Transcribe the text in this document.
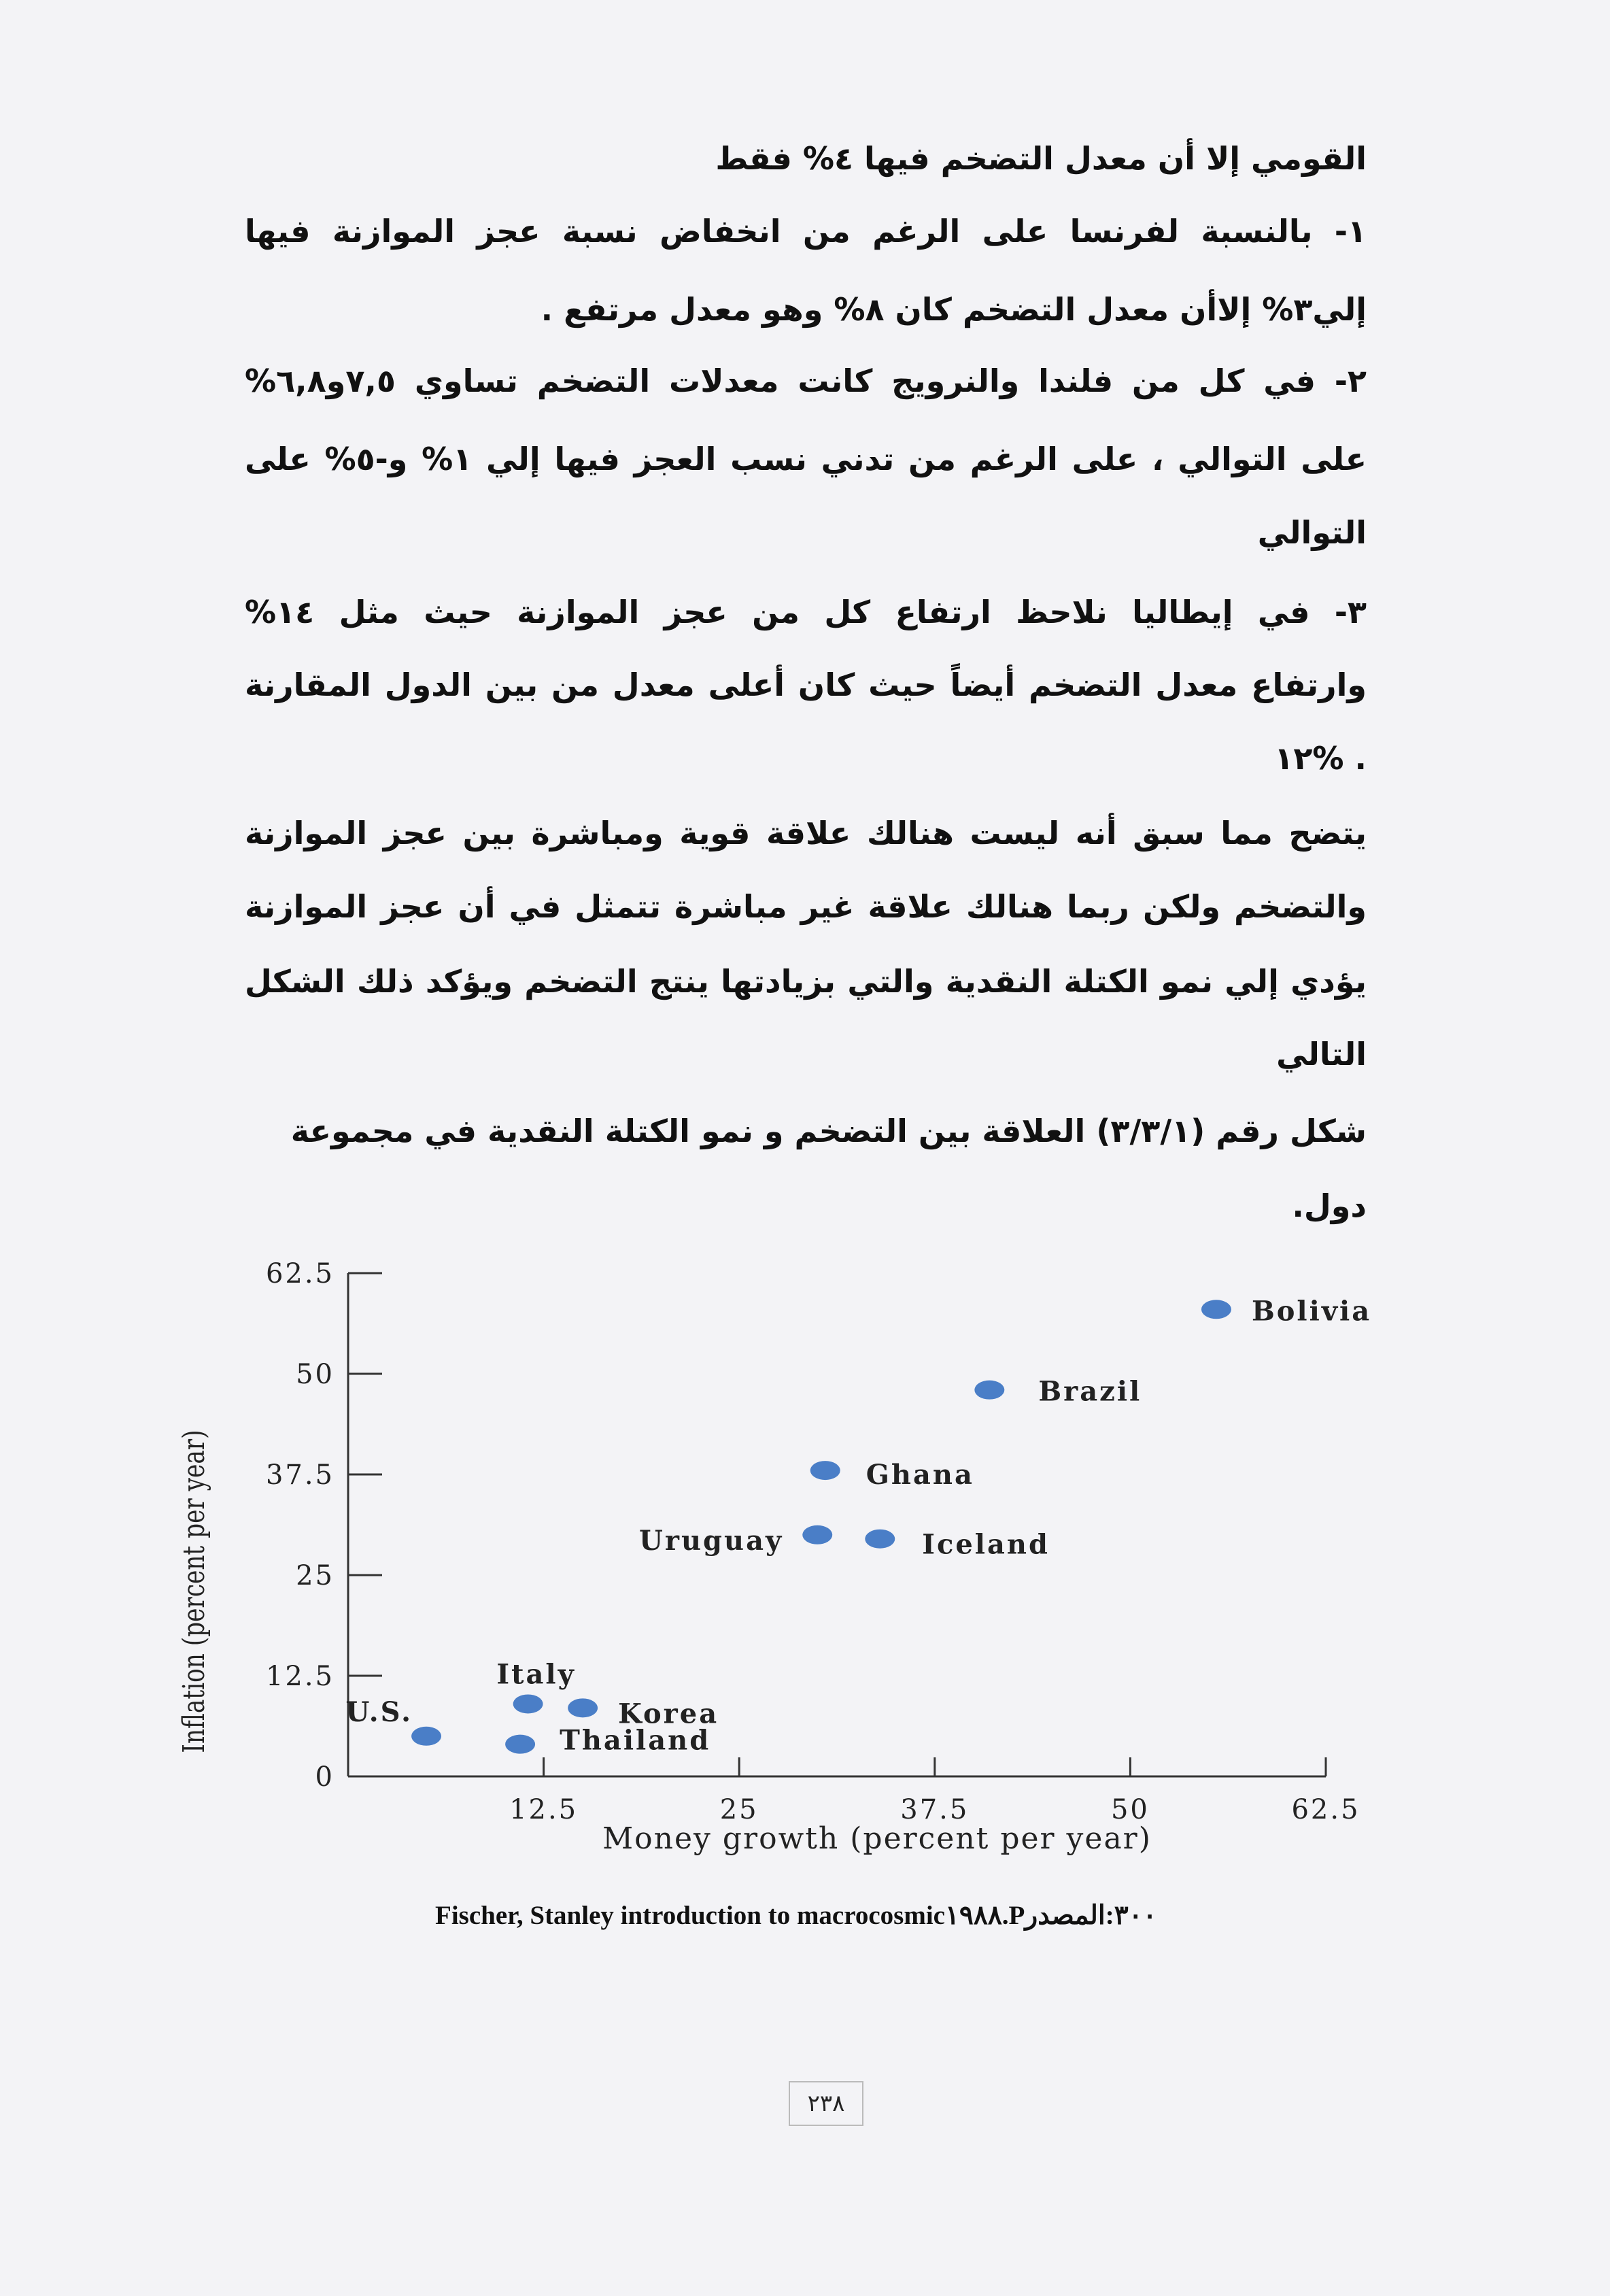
القومي إلا أن معدل التضخم فيها ٤% فقط
١- بالنسبة لفرنسا على الرغم من انخفاض نسبة عجز الموازنة فيها
إلي٣% إلاأن معدل التضخم كان ٨% وهو معدل مرتفع .
٢- في كل من فلندا والنرويج كانت معدلات التضخم تساوي ٧,٥و٦,٨%
على التوالي ، على الرغم من تدني نسب العجز فيها إلي ١% و-٥% على
التوالي
٣- في إيطاليا نلاحظ ارتفاع كل من عجز الموازنة حيث مثل ١٤%
وارتفاع معدل التضخم أيضاً حيث كان أعلى معدل من بين الدول المقارنة
١٢% .
يتضح مما سبق أنه ليست هنالك علاقة قوية ومباشرة بين عجز الموازنة
والتضخم ولكن ربما هنالك علاقة غير مباشرة تتمثل في أن عجز الموازنة
يؤدي إلي نمو الكتلة النقدية والتي بزيادتها ينتج التضخم ويؤكد ذلك الشكل
التالي
شكل رقم (٣/٣/١) العلاقة بين التضخم و نمو الكتلة النقدية في مجموعة
دول.
0
12.5
25
37.5
50
62.5
12.5	25	37.5	50	62.5
U.S.
Thailand
Italy
Korea
Uruguay	Iceland
Ghana
Brazil
Bolivia
Money growth (percent per year)
Inflation (percent per year)
Fischer, Stanley introduction to macrocosmic١٩٨٨.P٣٠٠:المصدر
٢٣٨
